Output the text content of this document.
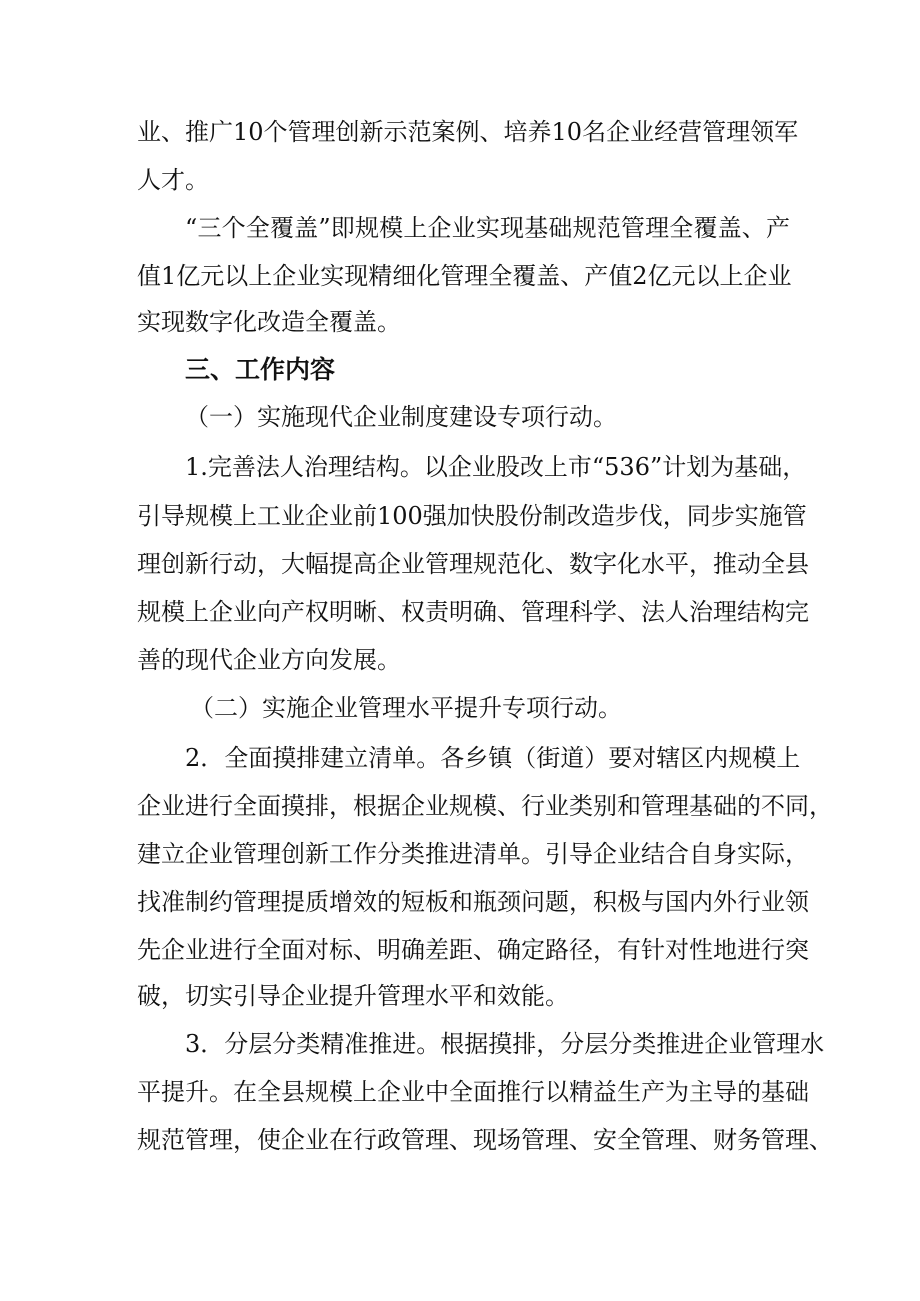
业、推广10个管理创新示范案例、培养10名企业经营管理领军
人才。
“三个全覆盖”即规模上企业实现基础规范管理全覆盖、产
值1亿元以上企业实现精细化管理全覆盖、产值2亿元以上企业
实现数字化改造全覆盖。
三、工作内容
（一）实施现代企业制度建设专项行动。
1.完善法人治理结构。以企业股改上市“536”计划为基础，
引导规模上工业企业前100强加快股份制改造步伐，同步实施管
理创新行动，大幅提高企业管理规范化、数字化水平，推动全县
规模上企业向产权明晰、权责明确、管理科学、法人治理结构完
善的现代企业方向发展。
（二）实施企业管理水平提升专项行动。
2．全面摸排建立清单。各乡镇（街道）要对辖区内规模上
企业进行全面摸排，根据企业规模、行业类别和管理基础的不同，
建立企业管理创新工作分类推进清单。引导企业结合自身实际，
找准制约管理提质增效的短板和瓶颈问题，积极与国内外行业领
先企业进行全面对标、明确差距、确定路径，有针对性地进行突
破，切实引导企业提升管理水平和效能。
3．分层分类精准推进。根据摸排，分层分类推进企业管理水
平提升。在全县规模上企业中全面推行以精益生产为主导的基础
规范管理，使企业在行政管理、现场管理、安全管理、财务管理、
